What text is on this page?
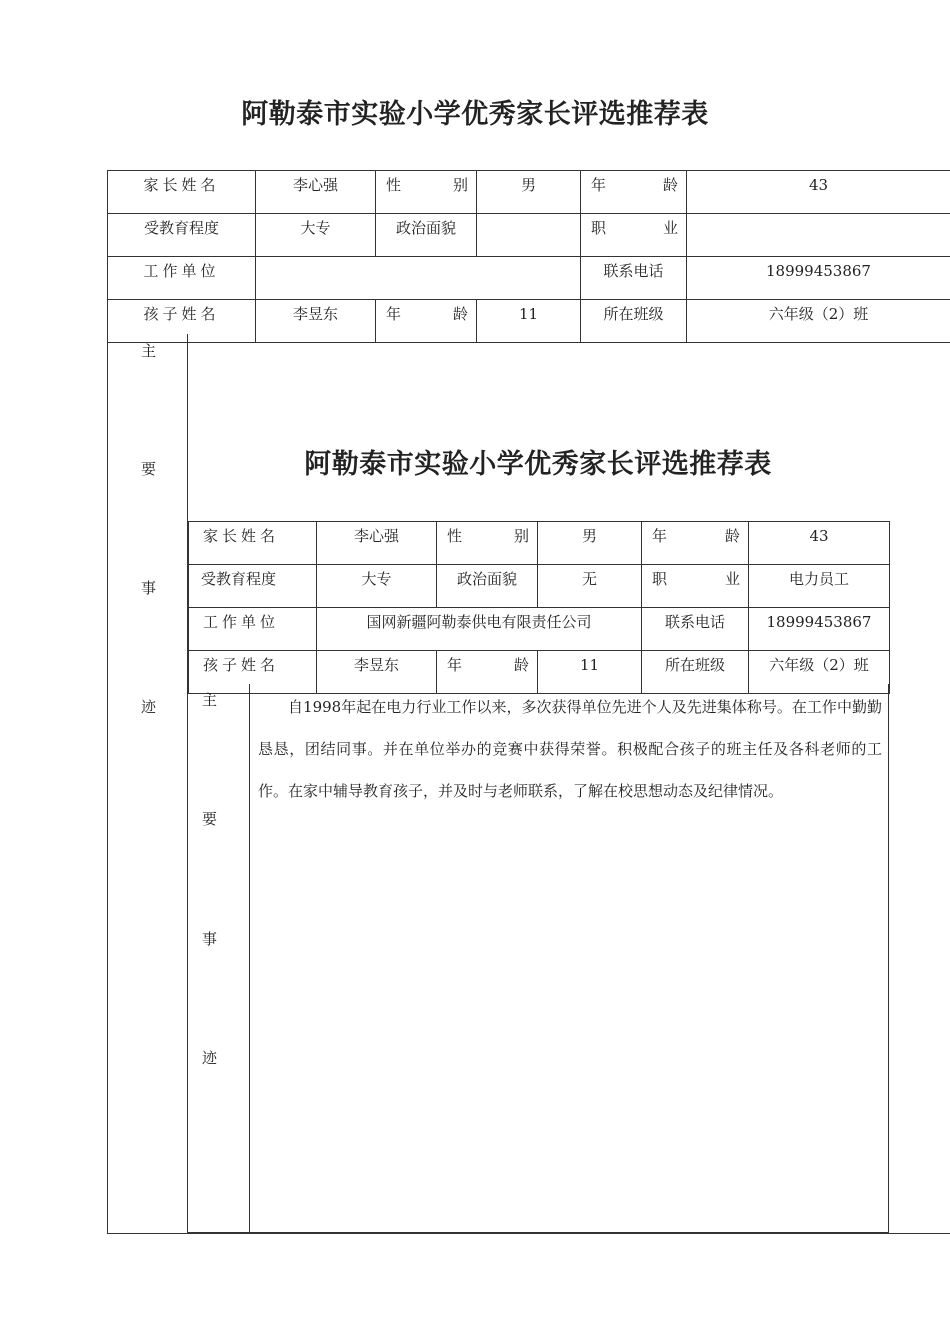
阿勒泰市实验小学优秀家长评选推荐表
家长姓名	李心强	性 别	男	年 龄	43
受教育程度	大专	政治面貌		职 业	

工作单位				联系电话	18999453867
孩子姓名	李昱东	年 龄	11	所在班级	六年级（2）班
主
要
事
迹
阿勒泰市实验小学优秀家长评选推荐表
家长姓名	李心强	性 别	男	年 龄	43
受教育程度	大专	政治面貌	无	职 业	电力员工
工作单位	国网新疆阿勒泰供电有限责任公司			联系电话	18999453867
孩子姓名	李昱东	年 龄	11	所在班级	六年级（2）班
主
要
事
迹
自1998年起在电力行业工作以来，多次获得单位先进个人及先进集体称号。在工作中勤勤恳恳，团结同事。并在单位举办的竞赛中获得荣誉。积极配合孩子的班主任及各科老师的工作。在家中辅导教育孩子，并及时与老师联系，了解在校思想动态及纪律情况。
